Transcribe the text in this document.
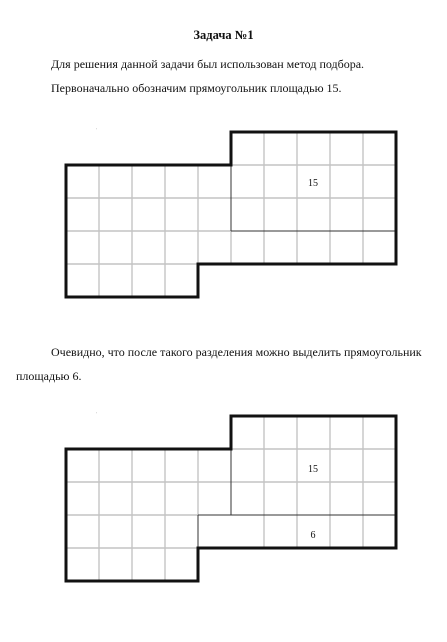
Задача №1
Для решения данной задачи был использован метод подбора.
Первоначально обозначим прямоугольник площадью 15.
15
'
Очевидно, что после такого разделения можно выделить прямоугольник
площадью 6.
15
6
'
